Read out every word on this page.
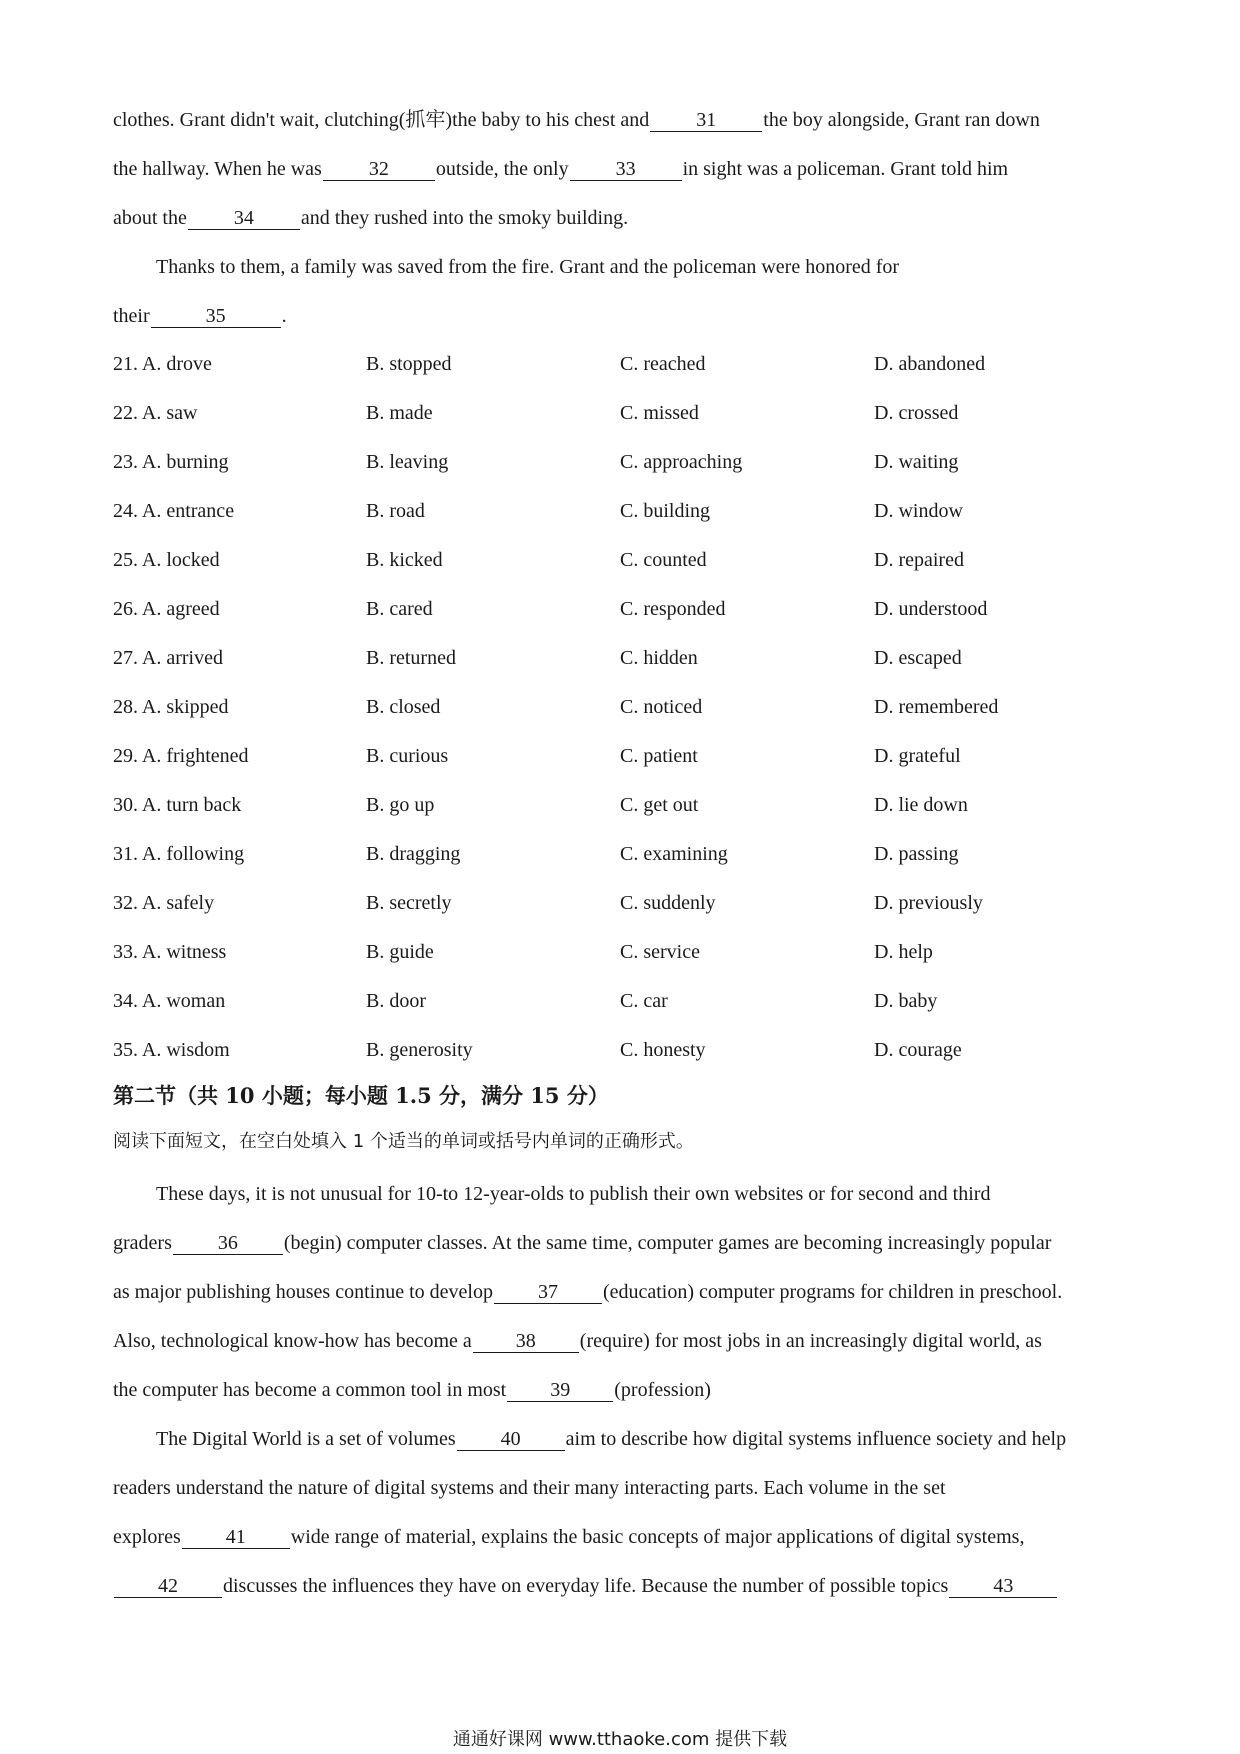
clothes. Grant didn't wait, clutching(抓牢)the baby to his chest and 31 the boy alongside, Grant ran down
the hallway. When he was 32 outside, the only 33 in sight was a policeman. Grant told him
about the 34 and they rushed into the smoky building.
Thanks to them, a family was saved from the fire. Grant and the policeman were honored for
their	35	.
21. A. drove	B. stopped	C. reached	D. abandoned
22. A. saw	B. made	C. missed	D. crossed
23. A. burning	B. leaving	C. approaching	D. waiting
24. A. entrance	B. road	C. building	D. window
25. A. locked	B. kicked	C. counted	D. repaired
26. A. agreed	B. cared	C. responded	D. understood
27. A. arrived	B. returned	C. hidden	D. escaped
28. A. skipped	B. closed	C. noticed	D. remembered
29. A. frightened	B. curious	C. patient	D. grateful
30. A. turn back	B. go up	C. get out	D. lie down
31. A. following	B. dragging	C. examining	D. passing
32. A. safely	B. secretly	C. suddenly	D. previously
33. A. witness	B. guide	C. service	D. help
34. A. woman	B. door	C. car	D. baby
35. A. wisdom	B. generosity	C. honesty	D. courage
第二节（共 10 小题；每小题 1.5 分，满分 15 分）
阅读下面短文，在空白处填入 1 个适当的单词或括号内单词的正确形式。
These days, it is not unusual for 10-to 12-year-olds to publish their own websites or for second and third
graders 36 (begin) computer classes. At the same time, computer games are becoming increasingly popular
as major publishing houses continue to develop 37 (education) computer programs for children in preschool.
Also, technological know-how has become a 38 (require) for most jobs in an increasingly digital world, as
the computer has become a common tool in most 39 (profession)
The Digital World is a set of volumes 40 aim to describe how digital systems influence society and help
readers understand the nature of digital systems and their many interacting parts. Each volume in the set
explores 41 wide range of material, explains the basic concepts of major applications of digital systems,
42 discusses the influences they have on everyday life. Because the number of possible topics 43
通通好课网 www.tthaoke.com 提供下载
